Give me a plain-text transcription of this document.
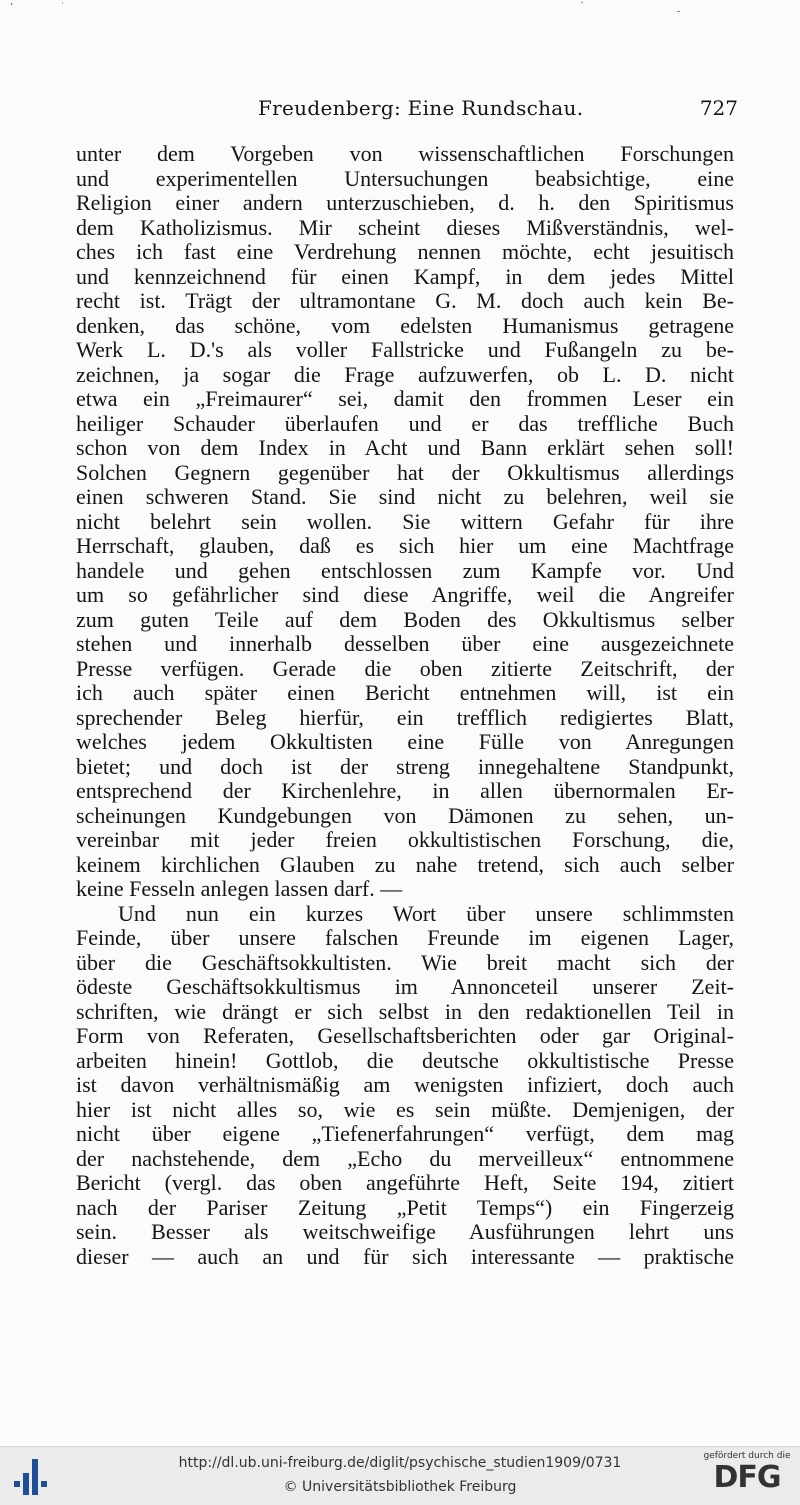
‘	˙	ˋ	ˍ
Freudenberg: Eine Rundschau.	727
unter dem Vorgeben von wissenschaftlichen Forschungen
und experimentellen Untersuchungen beabsichtige, eine
Religion einer andern unterzuschieben, d. h. den Spiritismus
dem Katholizismus. Mir scheint dieses Mißverständnis, wel-
ches ich fast eine Verdrehung nennen möchte, echt jesuitisch
und kennzeichnend für einen Kampf, in dem jedes Mittel
recht ist. Trägt der ultramontane G. M. doch auch kein Be-
denken, das schöne, vom edelsten Humanismus getragene
Werk L. D.'s als voller Fallstricke und Fußangeln zu be-
zeichnen, ja sogar die Frage aufzuwerfen, ob L. D. nicht
etwa ein „Freimaurer“ sei, damit den frommen Leser ein
heiliger Schauder überlaufen und er das treffliche Buch
schon von dem Index in Acht und Bann erklärt sehen soll!
Solchen Gegnern gegenüber hat der Okkultismus allerdings
einen schweren Stand. Sie sind nicht zu belehren, weil sie
nicht belehrt sein wollen. Sie wittern Gefahr für ihre
Herrschaft, glauben, daß es sich hier um eine Machtfrage
handele und gehen entschlossen zum Kampfe vor. Und
um so gefährlicher sind diese Angriffe, weil die Angreifer
zum guten Teile auf dem Boden des Okkultismus selber
stehen und innerhalb desselben über eine ausgezeichnete
Presse verfügen. Gerade die oben zitierte Zeitschrift, der
ich auch später einen Bericht entnehmen will, ist ein
sprechender Beleg hierfür, ein trefflich redigiertes Blatt,
welches jedem Okkultisten eine Fülle von Anregungen
bietet; und doch ist der streng innegehaltene Standpunkt,
entsprechend der Kirchenlehre, in allen übernormalen Er-
scheinungen Kundgebungen von Dämonen zu sehen, un-
vereinbar mit jeder freien okkultistischen Forschung, die,
keinem kirchlichen Glauben zu nahe tretend, sich auch selber
keine Fesseln anlegen lassen darf. —
Und nun ein kurzes Wort über unsere schlimmsten
Feinde, über unsere falschen Freunde im eigenen Lager,
über die Geschäftsokkultisten. Wie breit macht sich der
ödeste Geschäftsokkultismus im Annonceteil unserer Zeit-
schriften, wie drängt er sich selbst in den redaktionellen Teil in
Form von Referaten, Gesellschaftsberichten oder gar Original-
arbeiten hinein! Gottlob, die deutsche okkultistische Presse
ist davon verhältnismäßig am wenigsten infiziert, doch auch
hier ist nicht alles so, wie es sein müßte. Demjenigen, der
nicht über eigene „Tiefenerfahrungen“ verfügt, dem mag
der nachstehende, dem „Echo du merveilleux“ entnommene
Bericht (vergl. das oben angeführte Heft, Seite 194, zitiert
nach der Pariser Zeitung „Petit Temps“) ein Fingerzeig
sein. Besser als weitschweifige Ausführungen lehrt uns
dieser — auch an und für sich interessante — praktische
http://dl.ub.uni-freiburg.de/diglit/psychische_studien1909/0731
© Universitätsbibliothek Freiburg
gefördert durch die
DFG
